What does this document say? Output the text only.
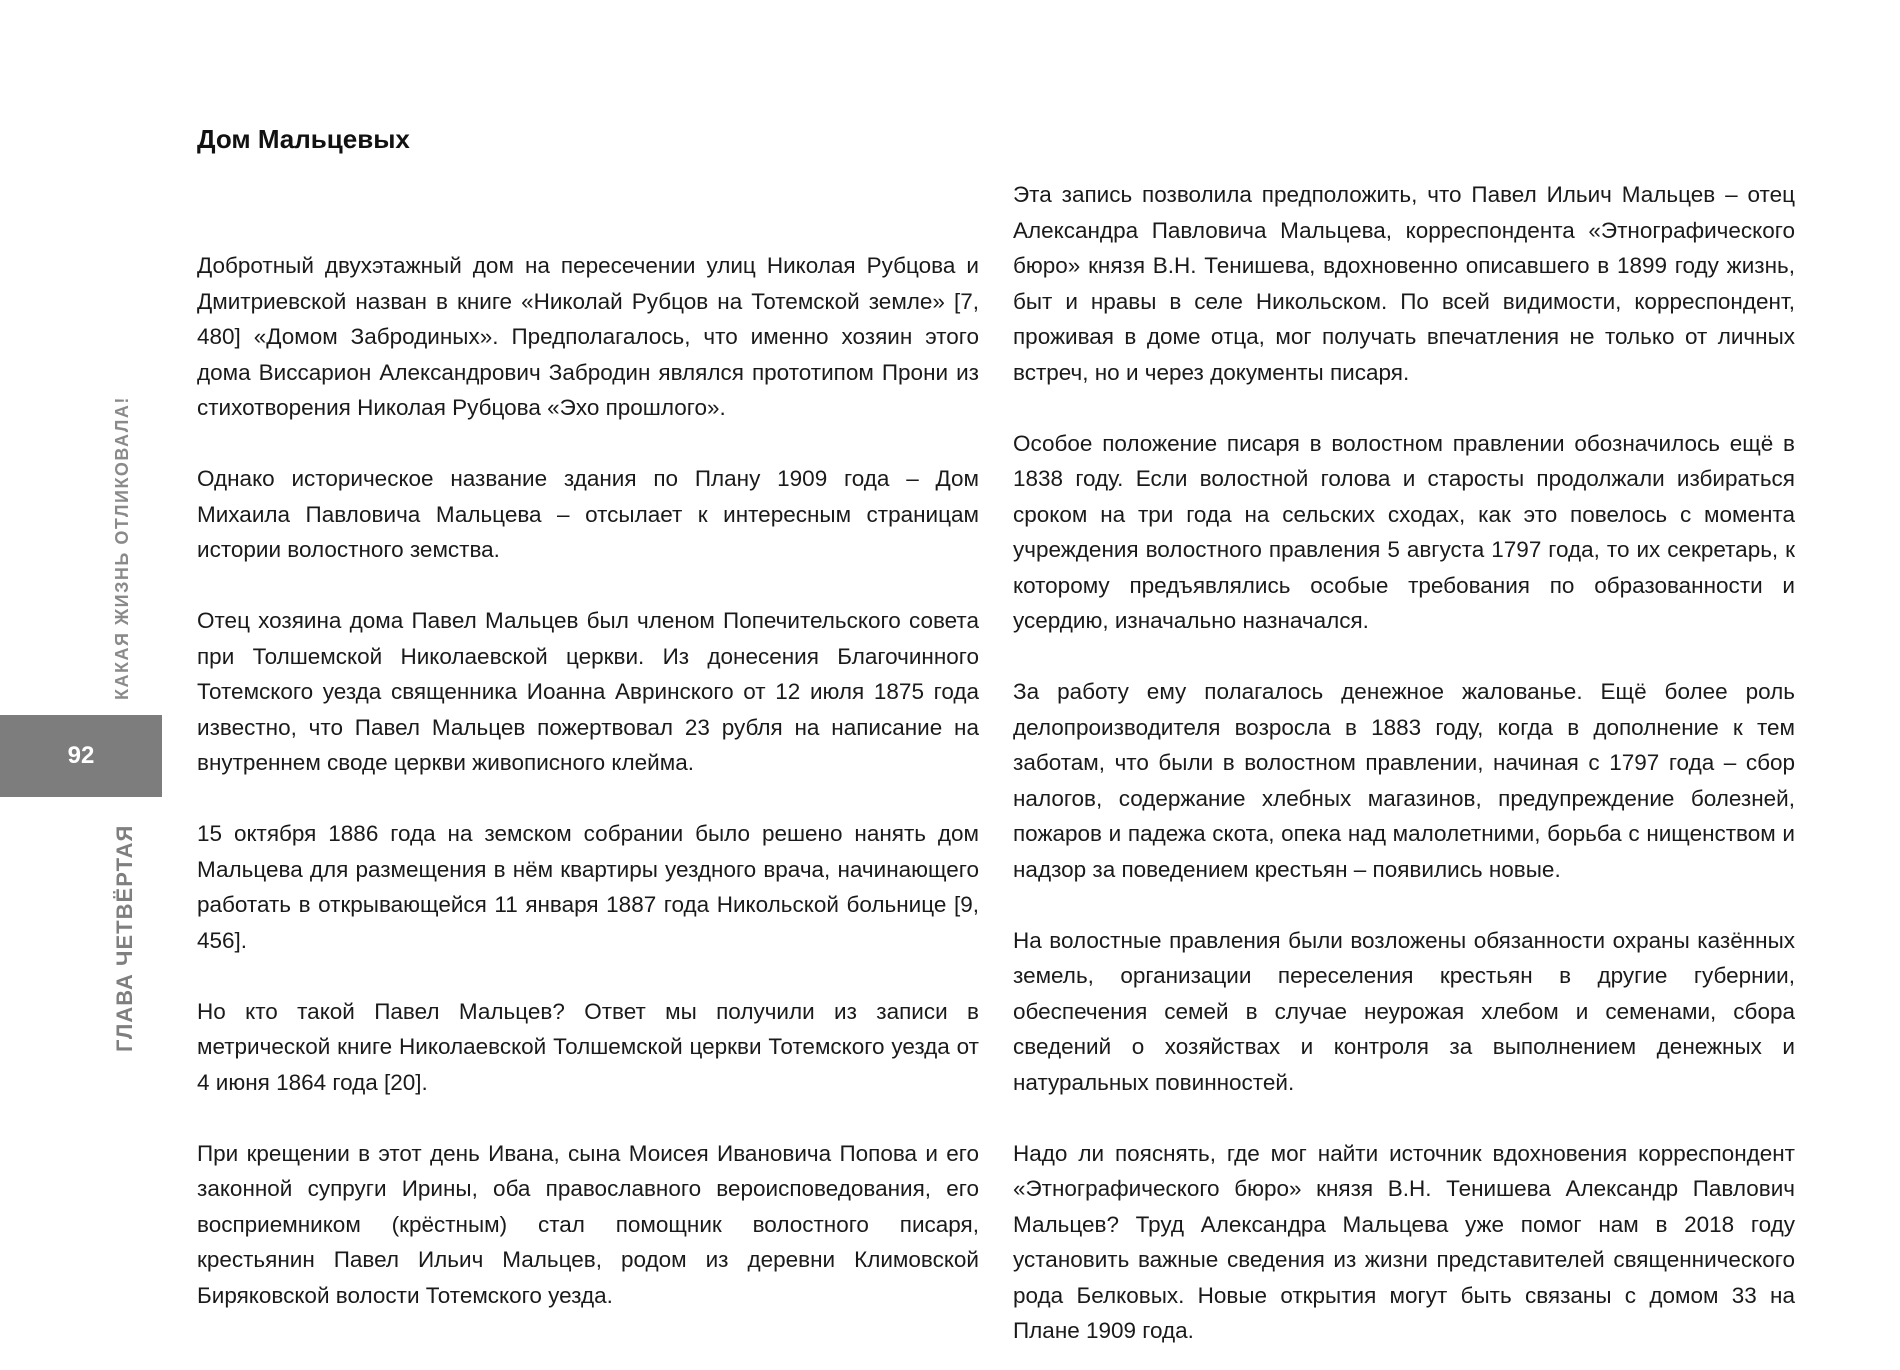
КАКАЯ ЖИЗНЬ ОТЛИКОВАЛА!
92
ГЛАВА ЧЕТВЁРТАЯ
Дом Мальцевых

Добротный двухэтажный дом на пересечении улиц Николая Рубцова и Дмитриевской назван в книге «Николай Рубцов на Тотемской земле» [7, 480] «Домом Забродиных». Предполагалось, что именно хозяин этого дома Виссарион Александрович Забродин являлся прототипом Прони из стихотворения Николая Рубцова «Эхо прошлого».

Однако историческое название здания по Плану 1909 года – Дом Михаила Павловича Мальцева – отсылает к интересным страницам истории волостного земства.

Отец хозяина дома Павел Мальцев был членом Попечительского совета при Толшемской Николаевской церкви. Из донесения Благочинного Тотемского уезда священника Иоанна Авринского от 12 июля 1875 года известно, что Павел Мальцев пожертвовал 23 рубля на написание на внутреннем своде церкви живописного клейма.

15 октября 1886 года на земском собрании было решено нанять дом Мальцева для размещения в нём квартиры уездного врача, начинающего работать в открывающейся 11 января 1887 года Никольской больнице [9, 456].

Но кто такой Павел Мальцев? Ответ мы получили из записи в метрической книге Николаевской Толшемской церкви Тотемского уезда от 4 июня 1864 года [20].

При крещении в этот день Ивана, сына Моисея Ивановича Попова и его законной супруги Ирины, оба православного вероисповедования, его восприемником (крёстным) стал помощник волостного писаря, крестьянин Павел Ильич Мальцев, родом из деревни Климовской Биряковской волости Тотемского уезда.

Эта запись позволила предположить, что Павел Ильич Мальцев – отец Александра Павловича Мальцева, корреспондента «Этнографического бюро» князя В.Н. Тенишева, вдохновенно описавшего в 1899 году жизнь, быт и нравы в селе Никольском. По всей видимости, корреспондент, проживая в доме отца, мог получать впечатления не только от личных встреч, но и через документы писаря.

Особое положение писаря в волостном правлении обозначилось ещё в 1838 году. Если волостной голова и старосты продолжали избираться сроком на три года на сельских сходах, как это повелось с момента учреждения волостного правления 5 августа 1797 года, то их секретарь, к которому предъявлялись особые требования по образованности и усердию, изначально назначался.

За работу ему полагалось денежное жалованье. Ещё более роль делопроизводителя возросла в 1883 году, когда в дополнение к тем заботам, что были в волостном правлении, начиная с 1797 года – сбор налогов, содержание хлебных магазинов, предупреждение болезней, пожаров и падежа скота, опека над малолетними, борьба с нищенством и надзор за поведением крестьян – появились новые.

На волостные правления были возложены обязанности охраны казённых земель, организации переселения крестьян в другие губернии, обеспечения семей в случае неурожая хлебом и семенами, сбора сведений о хозяйствах и контроля за выполнением денежных и натуральных повинностей.

Надо ли пояснять, где мог найти источник вдохновения корреспондент «Этнографического бюро» князя В.Н. Тенишева Александр Павлович Мальцев? Труд Александра Мальцева уже помог нам в 2018 году установить важные сведения из жизни представителей священнического рода Белковых. Новые открытия могут быть связаны с домом 33 на Плане 1909 года.
